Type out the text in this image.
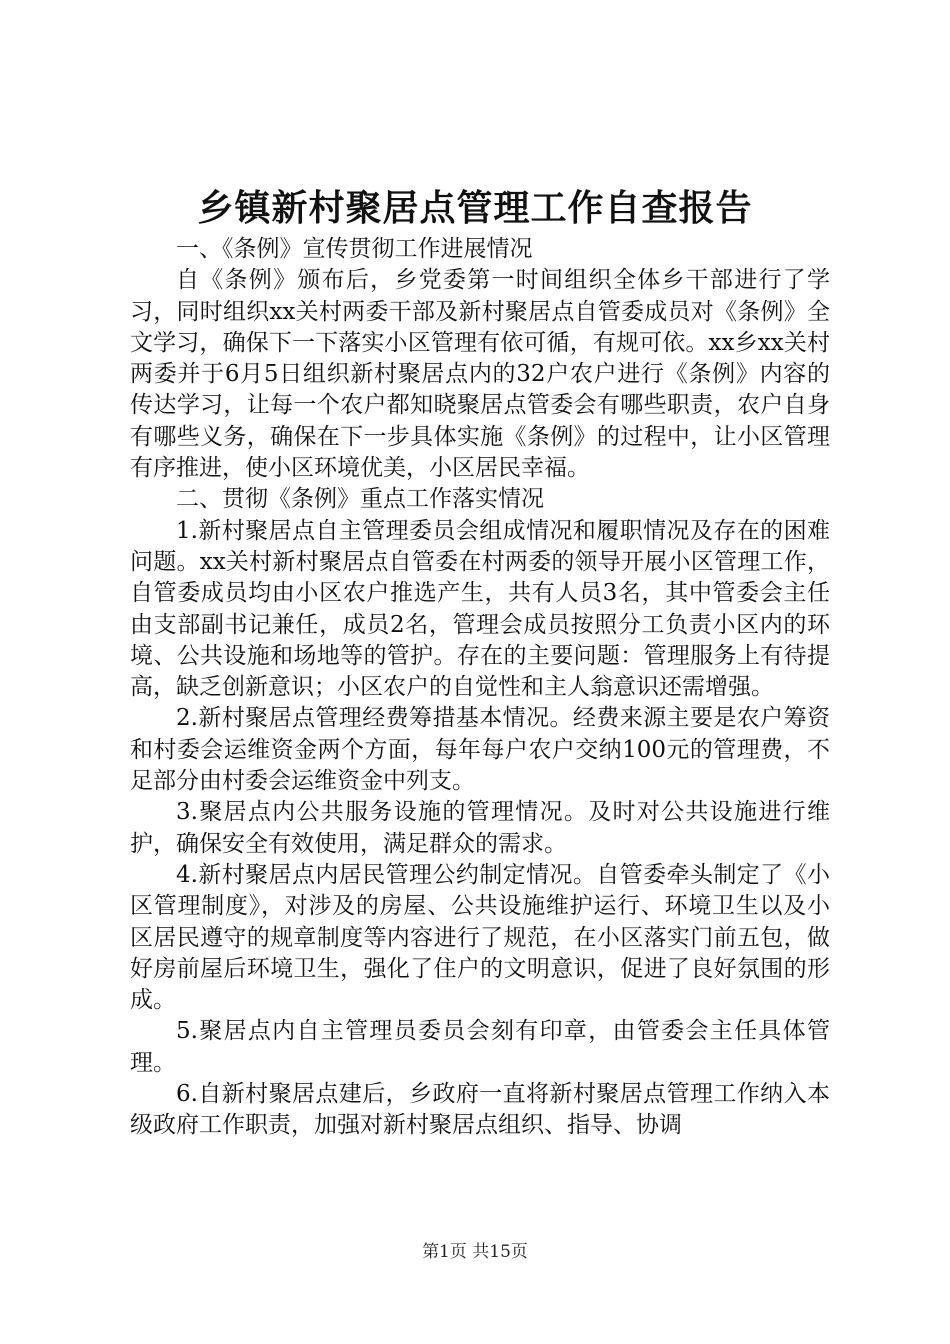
乡镇新村聚居点管理工作自查报告

一、《条例》宣传贯彻工作进展情况

自《条例》颁布后，乡党委第一时间组织全体乡干部进行了学习，同时组织xx关村两委干部及新村聚居点自管委成员对《条例》全文学习，确保下一下落实小区管理有依可循，有规可依。xx乡xx关村两委并于6月5日组织新村聚居点内的32户农户进行《条例》内容的传达学习，让每一个农户都知晓聚居点管委会有哪些职责，农户自身有哪些义务，确保在下一步具体实施《条例》的过程中，让小区管理有序推进，使小区环境优美，小区居民幸福。

二、贯彻《条例》重点工作落实情况

1.新村聚居点自主管理委员会组成情况和履职情况及存在的困难问题。xx关村新村聚居点自管委在村两委的领导开展小区管理工作，自管委成员均由小区农户推选产生，共有人员3名，其中管委会主任由支部副书记兼任，成员2名，管理会成员按照分工负责小区内的环境、公共设施和场地等的管护。存在的主要问题：管理服务上有待提高，缺乏创新意识；小区农户的自觉性和主人翁意识还需增强。

2.新村聚居点管理经费筹措基本情况。经费来源主要是农户筹资和村委会运维资金两个方面，每年每户农户交纳100元的管理费，不足部分由村委会运维资金中列支。

3.聚居点内公共服务设施的管理情况。及时对公共设施进行维护，确保安全有效使用，满足群众的需求。

4.新村聚居点内居民管理公约制定情况。自管委牵头制定了《小区管理制度》，对涉及的房屋、公共设施维护运行、环境卫生以及小区居民遵守的规章制度等内容进行了规范，在小区落实门前五包，做好房前屋后环境卫生，强化了住户的文明意识，促进了良好氛围的形成。

5.聚居点内自主管理员委员会刻有印章，由管委会主任具体管理。

6.自新村聚居点建后，乡政府一直将新村聚居点管理工作纳入本级政府工作职责，加强对新村聚居点组织、指导、协调

第1页 共15页
